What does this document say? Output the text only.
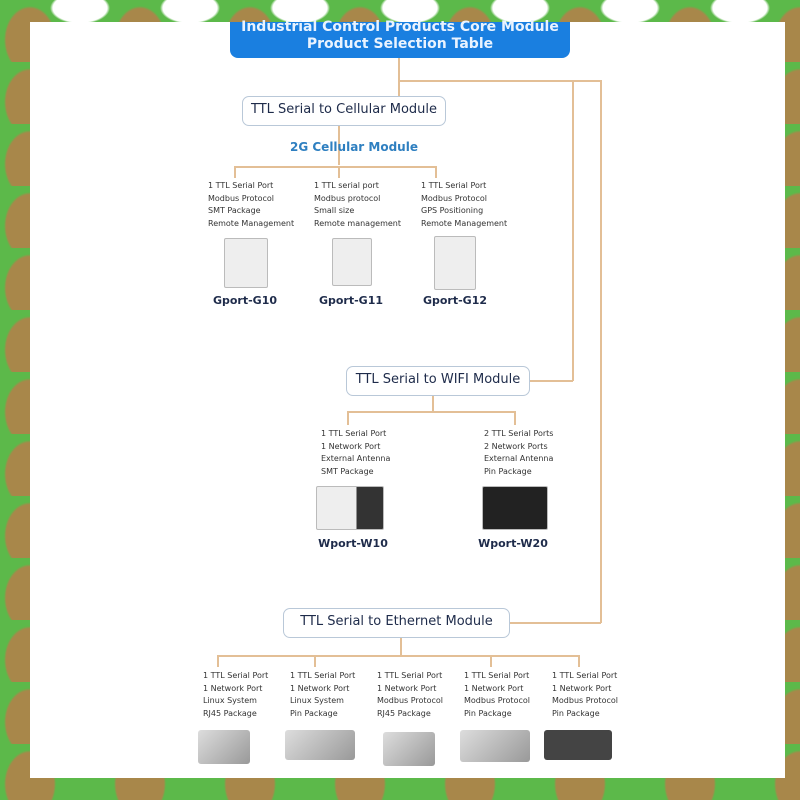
Industrial Control Products Core Module
Product Selection Table
TTL Serial to Cellular Module
2G Cellular Module
1 TTL Serial Port
Modbus Protocol
SMT Package
Remote Management
Gport-G10
1 TTL serial port
Modbus protocol
Small size
Remote management
Gport-G11
1 TTL Serial Port
Modbus Protocol
GPS Positioning
Remote Management
Gport-G12
TTL Serial to WIFI Module
1 TTL Serial Port
1 Network Port
External Antenna
SMT Package
Wport-W10
2 TTL Serial Ports
2 Network Ports
External Antenna
Pin Package
Wport-W20
TTL Serial to Ethernet Module
1 TTL Serial Port
1 Network Port
Linux System
RJ45 Package
1 TTL Serial Port
1 Network Port
Linux System
Pin Package
1 TTL Serial Port
1 Network Port
Modbus Protocol
RJ45 Package
1 TTL Serial Port
1 Network Port
Modbus Protocol
Pin Package
1 TTL Serial Port
1 Network Port
Modbus Protocol
Pin Package
